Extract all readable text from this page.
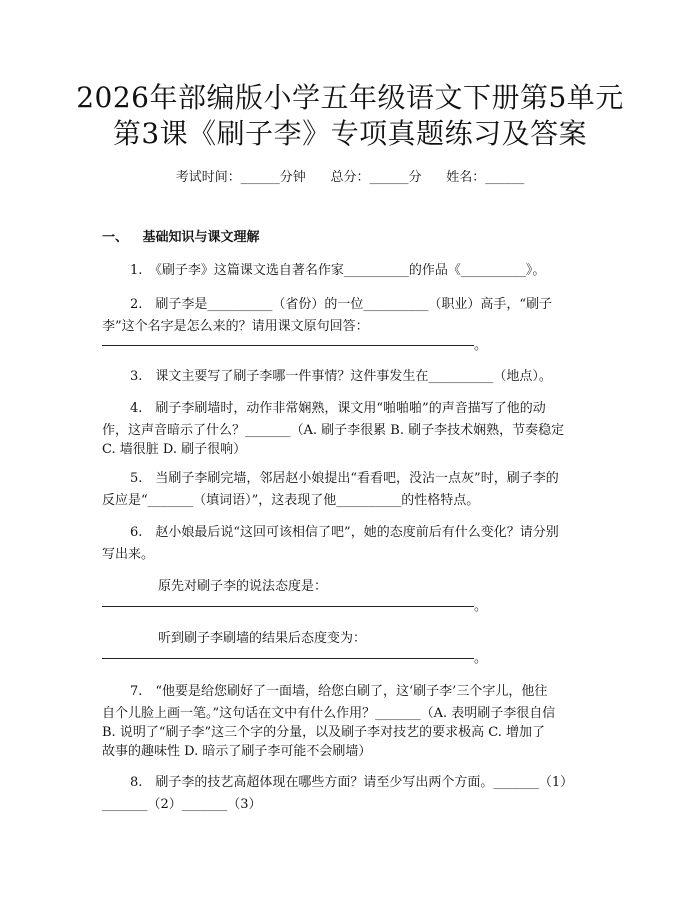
2026年部编版小学五年级语文下册第5单元
第3课《刷子李》专项真题练习及答案
考试时间：______分钟      总分：______分      姓名：______
一、 基础知识与课文理解
1.　《刷子李》这篇课文选自著名作家__________的作品《__________》。
2.　刷子李是__________（省份）的一位__________（职业）高手，“刷子
李”这个名字是怎么来的？请用课文原句回答：
。
3.　课文主要写了刷子李哪一件事情？这件事发生在__________（地点）。
4.　刷子李刷墙时，动作非常娴熟，课文用“啪啪啪”的声音描写了他的动
作，这声音暗示了什么？_______（A. 刷子李很累 B. 刷子李技术娴熟，节奏稳定
C. 墙很脏 D. 刷子很响）
5.　当刷子李刷完墙，邻居赵小娘提出“看看吧，没沾一点灰”时，刷子李的
反应是“_______（填词语）”，这表现了他__________的性格特点。
6.　赵小娘最后说“这回可该相信了吧”，她的态度前后有什么变化？请分别
写出来。
原先对刷子李的说法态度是：
。
听到刷子李刷墙的结果后态度变为：
。
7.　“他要是给您刷好了一面墙，给您白刷了，这‘刷子李’三个字儿，他往
自个儿脸上画一笔。”这句话在文中有什么作用？_______（A. 表明刷子李很自信
B. 说明了“刷子李”这三个字的分量，以及刷子李对技艺的要求极高 C. 增加了
故事的趣味性 D. 暗示了刷子李可能不会刷墙）
8.　刷子李的技艺高超体现在哪些方面？请至少写出两个方面。_______（1）
_______（2）_______（3）
